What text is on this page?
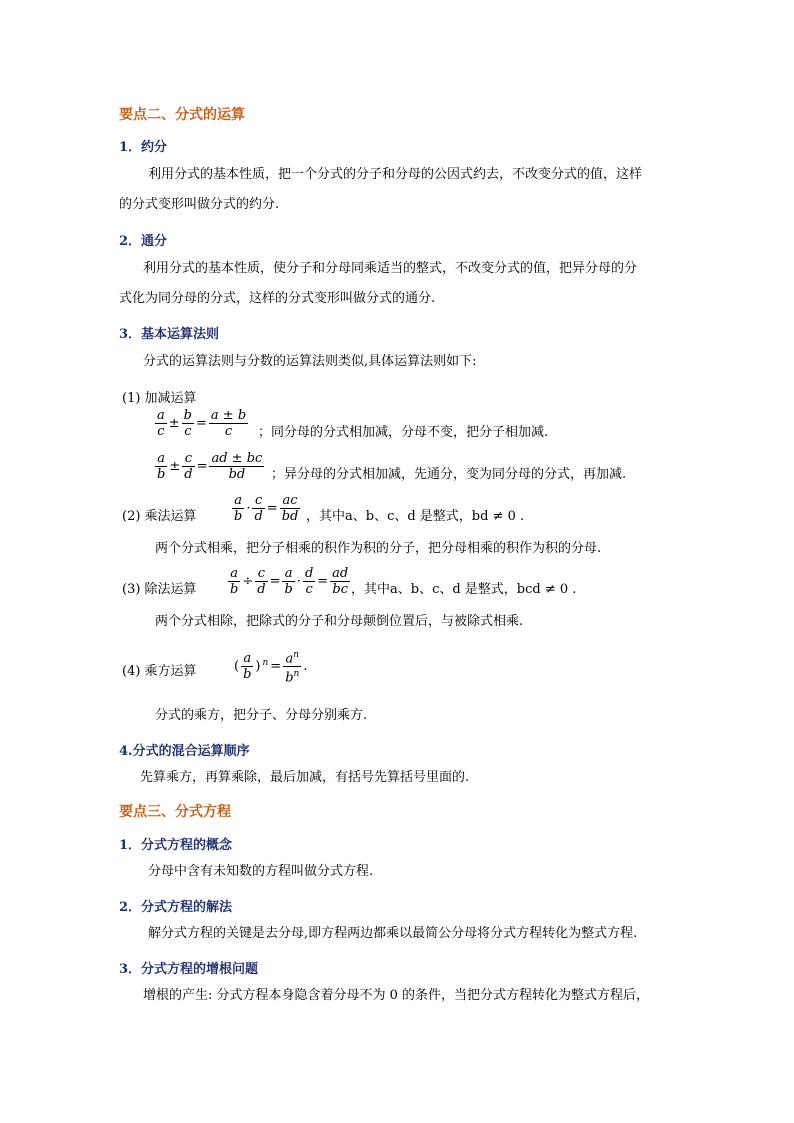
要点二、分式的运算
1．约分
利用分式的基本性质，把一个分式的分子和分母的公因式约去，不改变分式的值，这样
的分式变形叫做分式的约分.
2．通分
利用分式的基本性质，使分子和分母同乘适当的整式，不改变分式的值，把异分母的分
式化为同分母的分式，这样的分式变形叫做分式的通分.
3．基本运算法则
分式的运算法则与分数的运算法则类似,具体运算法则如下:
(1) 加减运算
$\frac{a}{c} \pm \frac{b}{c} = \frac{a \pm b}{c}$ ；同分母的分式相加减，分母不变，把分子相加减.
$\frac{a}{b} \pm \frac{c}{d} = \frac{ad \pm bc}{bd}$ ；异分母的分式相加减，先通分，变为同分母的分式，再加减.
(2) 乘法运算	$\frac{a}{b} \cdot \frac{c}{d} = \frac{ac}{bd}$ ，其中a、b、c、d 是整式，bd ≠ 0 .
两个分式相乘，把分子相乘的积作为积的分子，把分母相乘的积作为积的分母.
(3) 除法运算 $\frac{a}{b} \div \frac{c}{d} = \frac{a}{b} \cdot \frac{d}{c} = \frac{ad}{bc}$ ，其中a、b、c、d 是整式，bcd ≠ 0 .
两个分式相除，把除式的分子和分母颠倒位置后，与被除式相乘.
(4) 乘方运算	( $\frac{a}{b}$ ) $^n = \frac{a^n}{b^n}$ .
分式的乘方，把分子、分母分别乘方.
4.分式的混合运算顺序
先算乘方，再算乘除，最后加减，有括号先算括号里面的.
要点三、分式方程
1．分式方程的概念
分母中含有未知数的方程叫做分式方程.
2．分式方程的解法
解分式方程的关键是去分母,即方程两边都乘以最简公分母将分式方程转化为整式方程.
3．分式方程的增根问题
增根的产生: 分式方程本身隐含着分母不为 0 的条件，当把分式方程转化为整式方程后，
